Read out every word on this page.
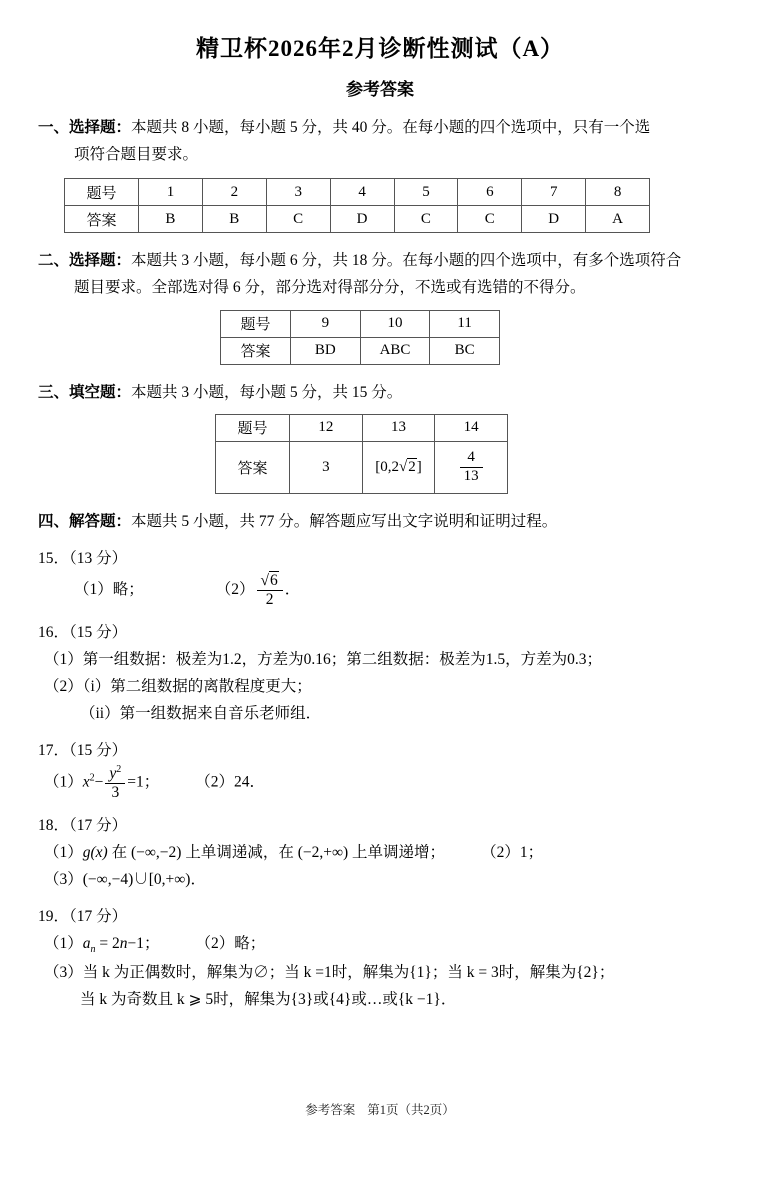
精卫杯2026年2月诊断性测试（A）
参考答案
一、选择题：本题共 8 小题，每小题 5 分，共 40 分。在每小题的四个选项中，只有一个选
项符合题目要求。
题号	1	2	3	4	5	6	7	8
答案	B	B	C	D	C	C	D	A
二、选择题：本题共 3 小题，每小题 6 分，共 18 分。在每小题的四个选项中，有多个选项符合
题目要求。全部选对得 6 分，部分选对得部分分，不选或有选错的不得分。
题号	9	10	11
答案	BD	ABC	BC
三、填空题：本题共 3 小题，每小题 5 分，共 15 分。
题号	12	13	14
答案	3	[0,2√2]	$\frac{4}{13}$
四、解答题：本题共 5 小题，共 77 分。解答题应写出文字说明和证明过程。
15．（13 分）
（1）略；	$(2) \frac{√6}{2}$ ．
16．（15 分）
（1）第一组数据：极差为1.2，方差为0.16；第二组数据：极差为1.5，方差为0.3；
（2）（i）第二组数据的离散程度更大；
（ii）第一组数据来自音乐老师组．
17．（15 分）
$(1)x^2- \frac{y^2}{3} =1$； （2）24．
18．（17 分）
（1）g(x) 在 (−∞,−2) 上单调递减，在 (−2,+∞) 上单调递增； （2）1；
（3）(−∞,−4)∪[0,+∞)．
19．（17 分）
$(1)a_n = 2n-1$； （2）略；
（3）当 k 为正偶数时，解集为∅；当 k =1时，解集为{1}；当 k = 3时，解集为{2}；
当 k 为奇数且 k ⩾ 5时，解集为{3}或{4}或…或{k −1}．
参考答案 第1页（共2页）
